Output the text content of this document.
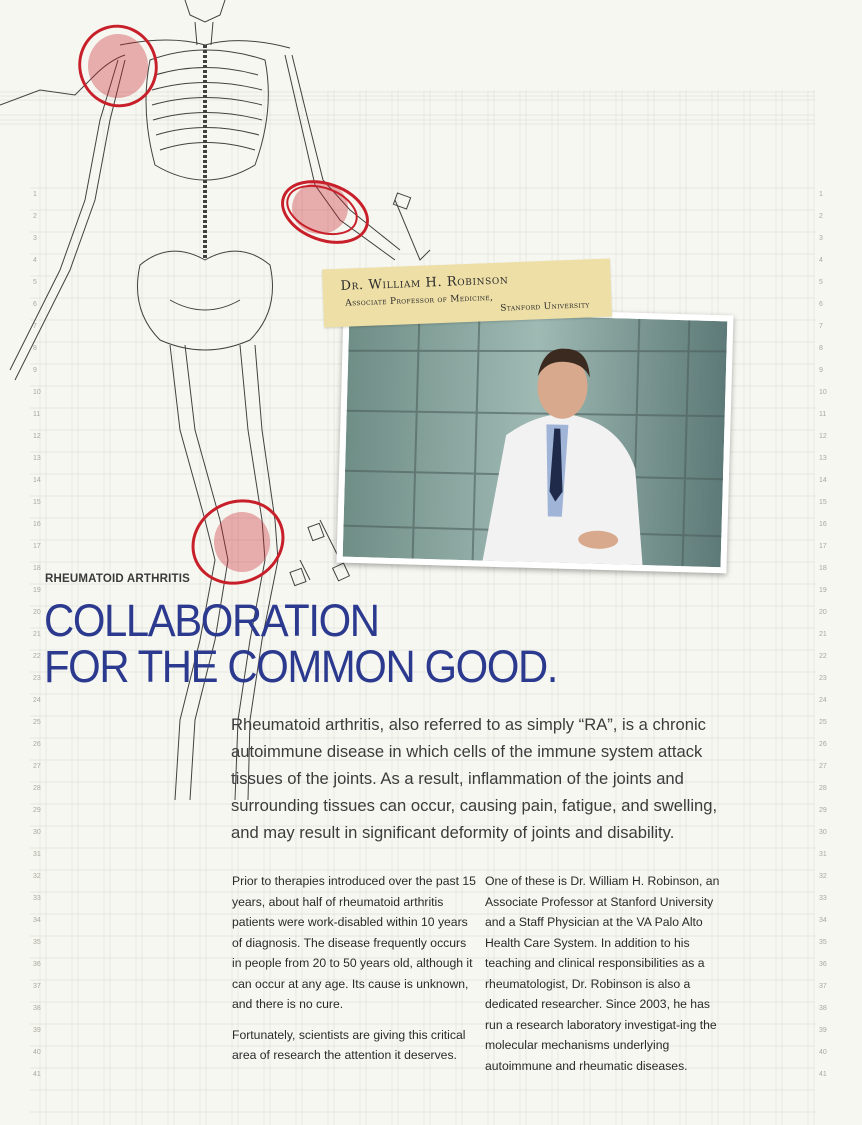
1	1
2	2
3	3
4	4
5	5
6	6
7	7
8	8
9	9
10	10
11	11
12	12
13	13
14	14
15	15
16	16
17	17
18	18
19	19
20	20
21	21
22	22
23	23
24	24
25	25
26	26
27	27
28	28
29	29
30	30
31	31
32	32
33	33
34	34
35	35
36	36
37	37
38	38
39	39
40	40
41	41
Dr. William H. Robinson
Associate Professor of Medicine, Stanford University
RHEUMATOID ARTHRITIS
COLLABORATION
FOR THE COMMON GOOD.
Rheumatoid arthritis, also referred to as simply “RA”, is a chronic autoimmune disease in which cells of the immune system attack tissues of the joints. As a result, inflammation of the joints and surrounding tissues can occur, causing pain, fatigue, and swelling, and may result in significant deformity of joints and disability.

Prior to therapies introduced over the past 15 years, about half of rheumatoid arthritis patients were work-disabled within 10 years of diagnosis. The disease frequently occurs in people from 20 to 50 years old, although it can occur at any age. Its cause is unknown, and there is no cure.

Fortunately, scientists are giving this critical area of research the attention it deserves.

One of these is Dr. William H. Robinson, an Associate Professor at Stanford University and a Staff Physician at the VA Palo Alto Health Care System. In addition to his teaching and clinical responsibilities as a rheumatologist, Dr. Robinson is also a dedicated researcher. Since 2003, he has run a research laboratory investigat-ing the molecular mechanisms underlying autoimmune and rheumatic diseases.
